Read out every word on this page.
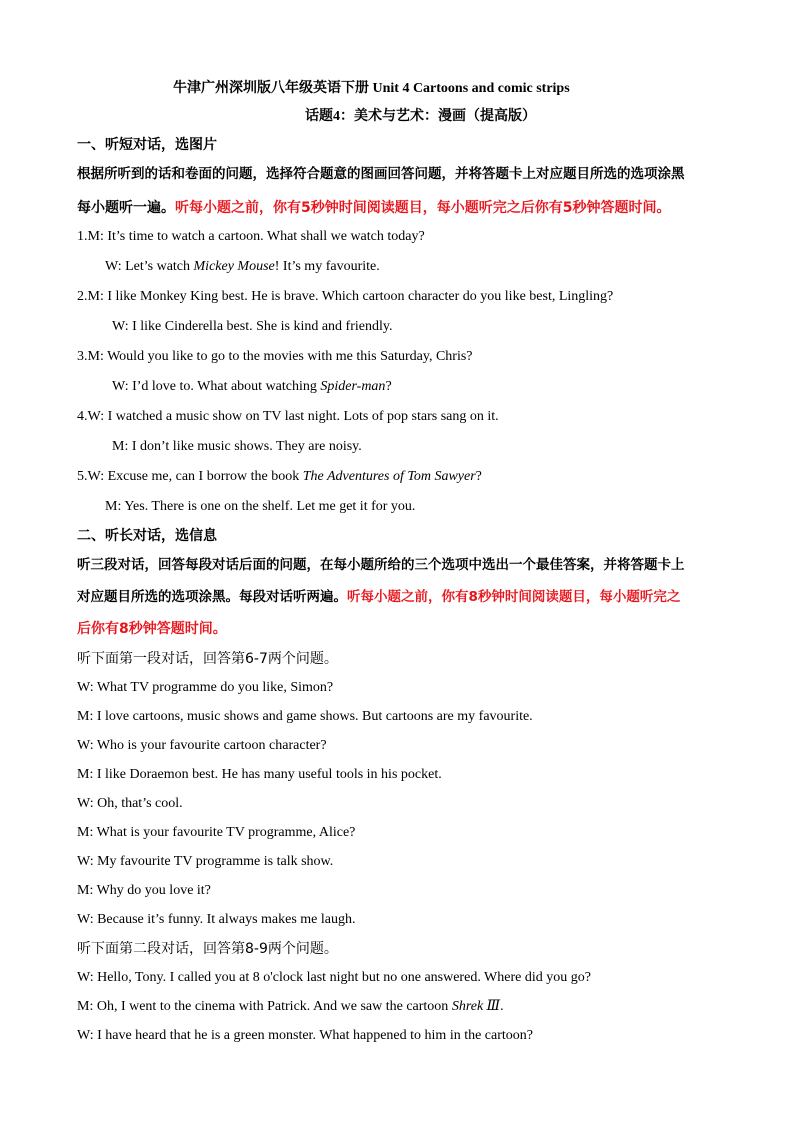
牛津广州深圳版八年级英语下册 Unit 4 Cartoons and comic strips
话题4：美术与艺术：漫画（提高版）
一、听短对话，选图片
根据所听到的话和卷面的问题，选择符合题意的图画回答问题，并将答题卡上对应题目所选的选项涂黑
每小题听一遍。听每小题之前，你有5秒钟时间阅读题目，每小题听完之后你有5秒钟答题时间。
1.M: It’s time to watch a cartoon. What shall we watch today?
W: Let’s watch Mickey Mouse! It’s my favourite.
2.M: I like Monkey King best. He is brave. Which cartoon character do you like best, Lingling?
W: I like Cinderella best. She is kind and friendly.
3.M: Would you like to go to the movies with me this Saturday, Chris?
W: I’d love to. What about watching Spider-man?
4.W: I watched a music show on TV last night. Lots of pop stars sang on it.
M: I don’t like music shows. They are noisy.
5.W: Excuse me, can I borrow the book The Adventures of Tom Sawyer?
M: Yes. There is one on the shelf. Let me get it for you.
二、听长对话，选信息
听三段对话，回答每段对话后面的问题，在每小题所给的三个选项中选出一个最佳答案，并将答题卡上
对应题目所选的选项涂黑。每段对话听两遍。听每小题之前，你有8秒钟时间阅读题目，每小题听完之
后你有8秒钟答题时间。
听下面第一段对话，回答第6-7两个问题。
W: What TV programme do you like, Simon?
M: I love cartoons, music shows and game shows. But cartoons are my favourite.
W: Who is your favourite cartoon character?
M: I like Doraemon best. He has many useful tools in his pocket.
W: Oh, that’s cool.
M: What is your favourite TV programme, Alice?
W: My favourite TV programme is talk show.
M: Why do you love it?
W: Because it’s funny. It always makes me laugh.
听下面第二段对话，回答第8-9两个问题。
W: Hello, Tony. I called you at 8 o'clock last night but no one answered. Where did you go?
M: Oh, I went to the cinema with Patrick. And we saw the cartoon Shrek Ⅲ.
W: I have heard that he is a green monster. What happened to him in the cartoon?
